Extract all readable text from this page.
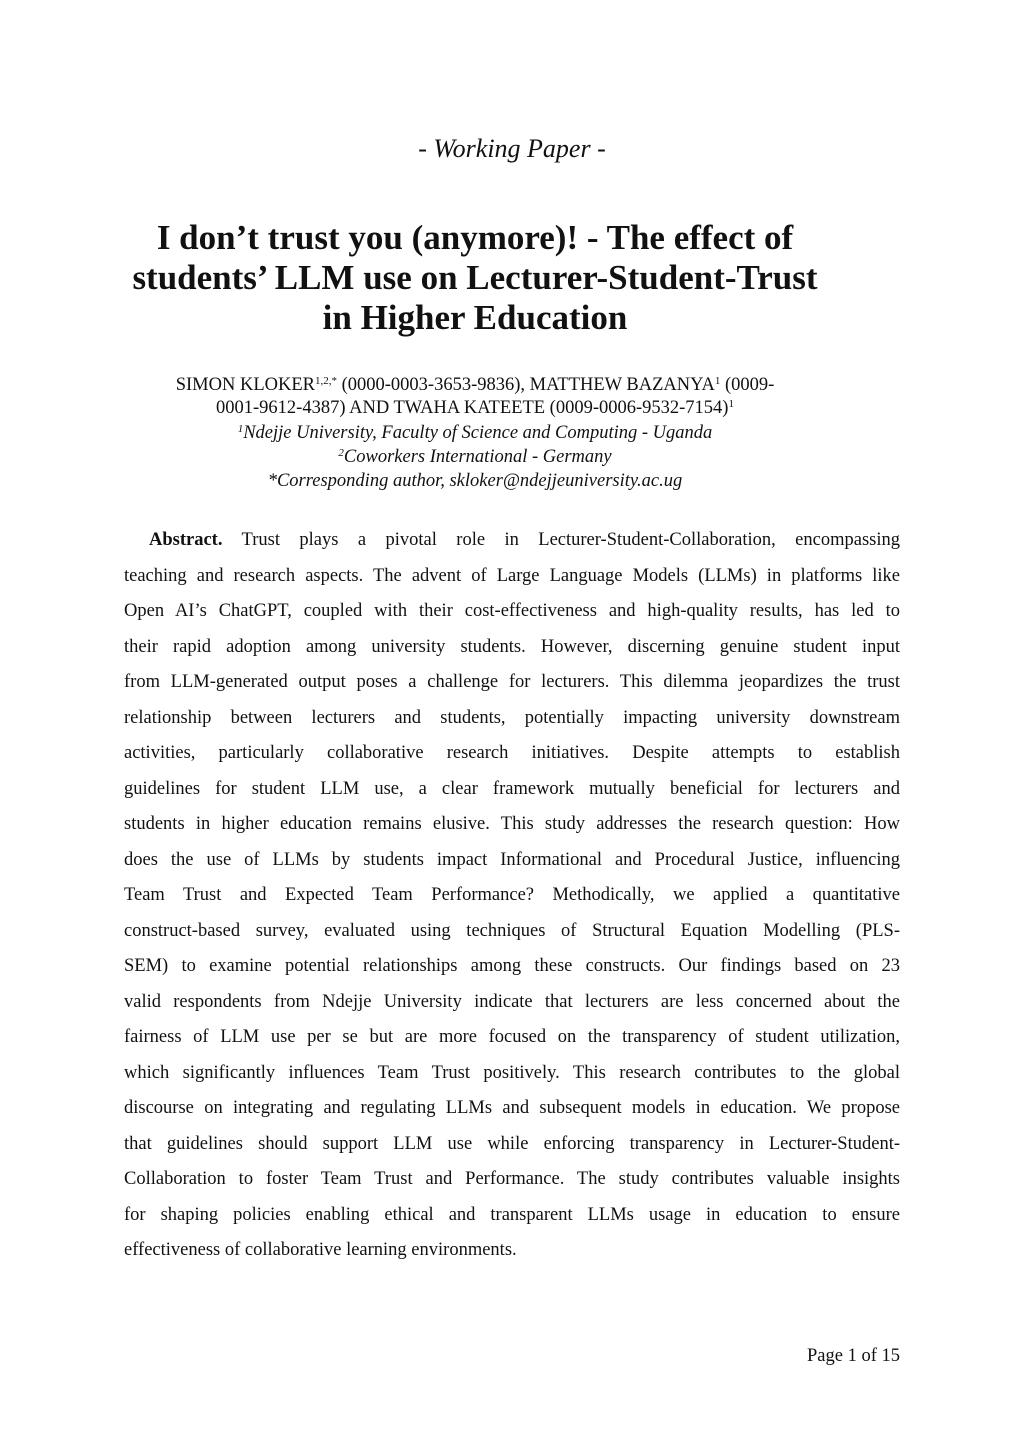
- Working Paper -
I don’t trust you (anymore)! - The effect of
students’ LLM use on Lecturer-Student-Trust
in Higher Education
SIMON $KLOKER^{1,2,*}$ (0000-0003-3653-9836), MATTHEW BAZANYA$^1$ (0009-
0001-9612-4387) AND TWAHA KATEETE $(0009-0006-9532-7154)^1$
$^1$Ndejje University, Faculty of Science and Computing - Uganda
$^2$Coworkers International - Germany
*Corresponding author, skloker@ndejjeuniversity.ac.ug
Abstract. Trust plays a pivotal role in Lecturer-Student-Collaboration, encompassing
teaching and research aspects. The advent of Large Language Models (LLMs) in platforms like
Open AI’s ChatGPT, coupled with their cost-effectiveness and high-quality results, has led to
their rapid adoption among university students. However, discerning genuine student input
from LLM-generated output poses a challenge for lecturers. This dilemma jeopardizes the trust
relationship between lecturers and students, potentially impacting university downstream
activities, particularly collaborative research initiatives. Despite attempts to establish
guidelines for student LLM use, a clear framework mutually beneficial for lecturers and
students in higher education remains elusive. This study addresses the research question: How
does the use of LLMs by students impact Informational and Procedural Justice, influencing
Team Trust and Expected Team Performance? Methodically, we applied a quantitative
construct-based survey, evaluated using techniques of Structural Equation Modelling (PLS-
SEM) to examine potential relationships among these constructs. Our findings based on 23
valid respondents from Ndejje University indicate that lecturers are less concerned about the
fairness of LLM use per se but are more focused on the transparency of student utilization,
which significantly influences Team Trust positively. This research contributes to the global
discourse on integrating and regulating LLMs and subsequent models in education. We propose
that guidelines should support LLM use while enforcing transparency in Lecturer-Student-
Collaboration to foster Team Trust and Performance. The study contributes valuable insights
for shaping policies enabling ethical and transparent LLMs usage in education to ensure
effectiveness of collaborative learning environments.
Page 1 of 15
